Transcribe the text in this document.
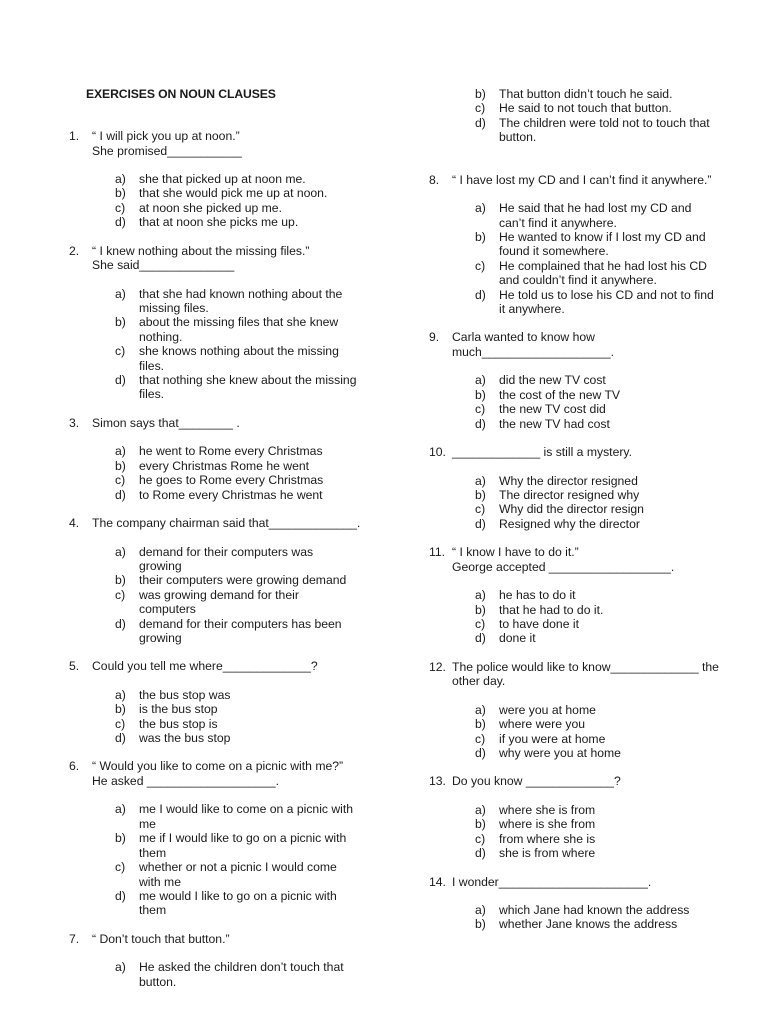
EXERCISES ON NOUN CLAUSES
1. “ I will pick you up at noon.”
She promised___________
a) she that picked up at noon me.
b) that she would pick me up at noon.
c) at noon she picked up me.
d) that at noon she picks me up.
2. “ I knew nothing about the missing files.”
She said______________
a) that she had known nothing about the missing files.
b) about the missing files that she knew nothing.
c) she knows nothing about the missing files.
d) that nothing she knew about the missing files.
3. Simon says that________ .
a) he went to Rome every Christmas
b) every Christmas Rome he went
c) he goes to Rome every Christmas
d) to Rome every Christmas he went
4. The company chairman said that_____________.
a) demand for their computers was growing
b) their computers were growing demand
c) was growing demand for their computers
d) demand for their computers has been growing
5. Could you tell me where_____________?
a) the bus stop was
b) is the bus stop
c) the bus stop is
d) was the bus stop
6. “ Would you like to come on a picnic with me?”
He asked ___________________.
a) me I would like to come on a picnic with me
b) me if I would like to go on a picnic with them
c) whether or not a picnic I would come with me
d) me would I like to go on a picnic with them
7. “ Don’t touch that button.”
a) He asked the children don’t touch that button.
b) That button didn’t touch he said.
c) He said to not touch that button.
d) The children were told not to touch that button.
8. “ I have lost my CD and I can’t find it anywhere.”
a) He said that he had lost my CD and can’t find it anywhere.
b) He wanted to know if I lost my CD and found it somewhere.
c) He complained that he had lost his CD and couldn’t find it anywhere.
d) He told us to lose his CD and not to find it anywhere.
9. Carla wanted to know how
much___________________.
a) did the new TV cost
b) the cost of the new TV
c) the new TV cost did
d) the new TV had cost
10. _____________ is still a mystery.
a) Why the director resigned
b) The director resigned why
c) Why did the director resign
d) Resigned why the director
11. “ I know I have to do it.”
George accepted __________________.
a) he has to do it
b) that he had to do it.
c) to have done it
d) done it
12. The police would like to know_____________ the other day.
a) were you at home
b) where were you
c) if you were at home
d) why were you at home
13. Do you know _____________?
a) where she is from
b) where is she from
c) from where she is
d) she is from where
14. I wonder______________________.
a) which Jane had known the address
b) whether Jane knows the address
